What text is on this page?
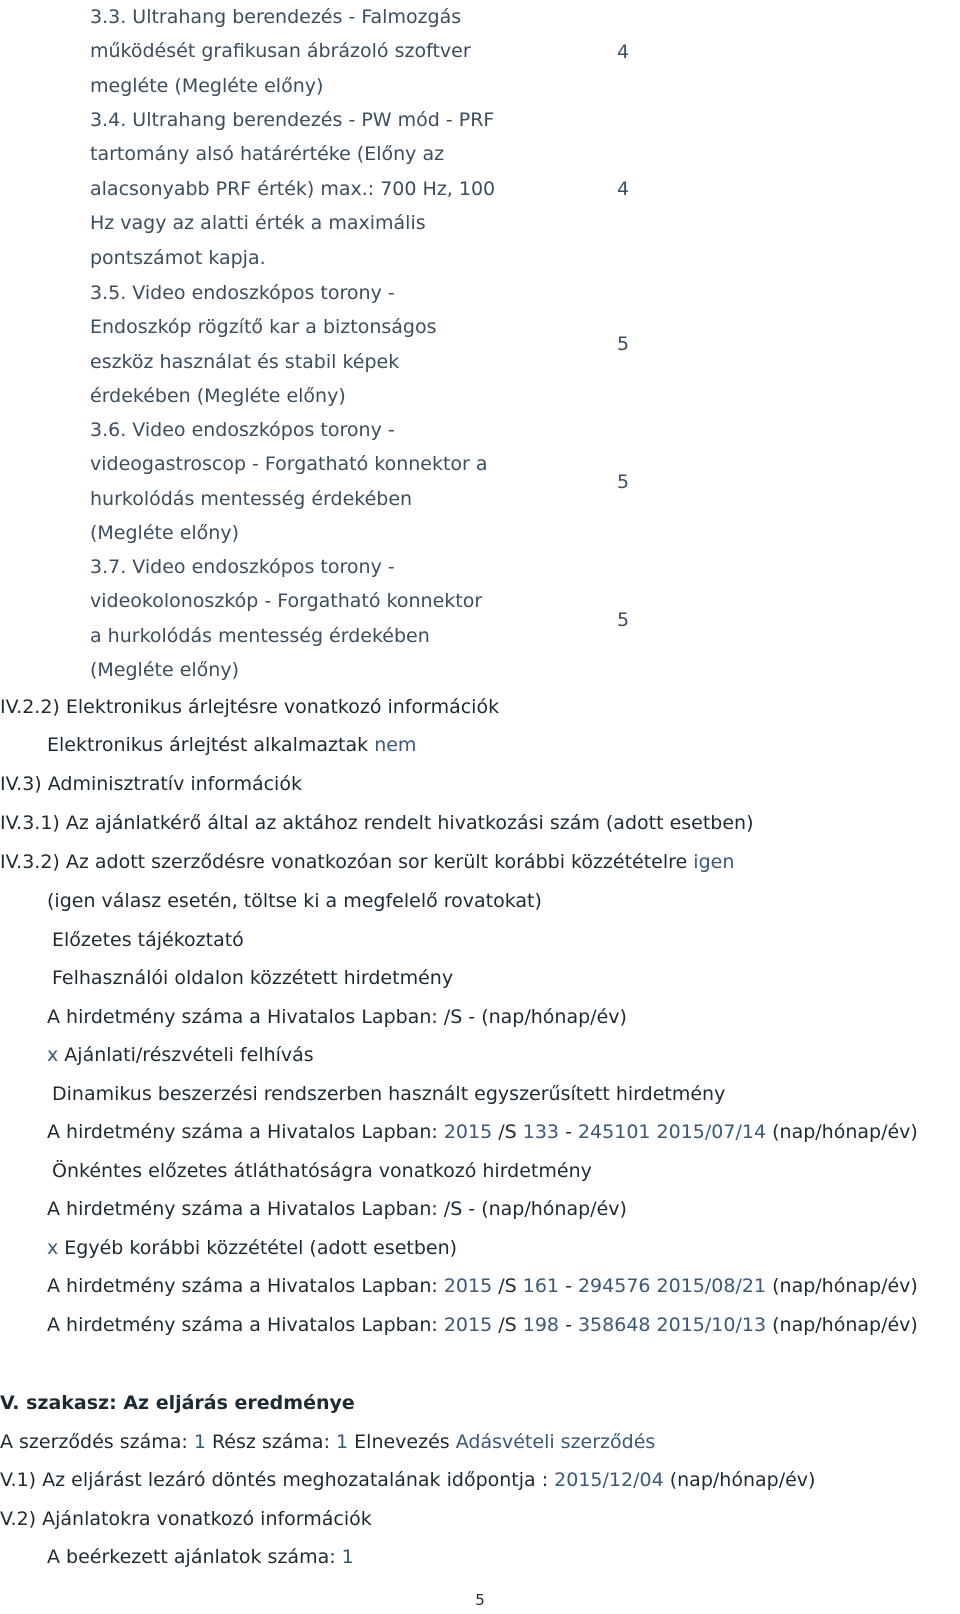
3.3. Ultrahang berendezés - Falmozgás
működését grafikusan ábrázoló szoftver
megléte (Megléte előny)
4
3.4. Ultrahang berendezés - PW mód - PRF
tartomány alsó határértéke (Előny az
alacsonyabb PRF érték) max.: 700 Hz, 100
Hz vagy az alatti érték a maximális
pontszámot kapja.
4
3.5. Video endoszkópos torony -
Endoszkóp rögzítő kar a biztonságos
eszköz használat és stabil képek
érdekében (Megléte előny)
5
3.6. Video endoszkópos torony -
videogastroscop - Forgatható konnektor a
hurkolódás mentesség érdekében
(Megléte előny)
5
3.7. Video endoszkópos torony -
videokolonoszkóp - Forgatható konnektor
a hurkolódás mentesség érdekében
(Megléte előny)
5
IV.2.2) Elektronikus árlejtésre vonatkozó információk
Elektronikus árlejtést alkalmaztak nem
IV.3) Adminisztratív információk
IV.3.1) Az ajánlatkérő által az aktához rendelt hivatkozási szám (adott esetben)
IV.3.2) Az adott szerződésre vonatkozóan sor került korábbi közzétételre igen
(igen válasz esetén, töltse ki a megfelelő rovatokat)
Előzetes tájékoztató
Felhasználói oldalon közzétett hirdetmény
A hirdetmény száma a Hivatalos Lapban: /S - (nap/hónap/év)
x Ajánlati/részvételi felhívás
Dinamikus beszerzési rendszerben használt egyszerűsített hirdetmény
A hirdetmény száma a Hivatalos Lapban: 2015 /S 133 - 245101 2015/07/14 (nap/hónap/év)
Önkéntes előzetes átláthatóságra vonatkozó hirdetmény
A hirdetmény száma a Hivatalos Lapban: /S - (nap/hónap/év)
x Egyéb korábbi közzététel (adott esetben)
A hirdetmény száma a Hivatalos Lapban: 2015 /S 161 - 294576 2015/08/21 (nap/hónap/év)
A hirdetmény száma a Hivatalos Lapban: 2015 /S 198 - 358648 2015/10/13 (nap/hónap/év)
V. szakasz: Az eljárás eredménye
A szerződés száma: 1 Rész száma: 1 Elnevezés Adásvételi szerződés
V.1) Az eljárást lezáró döntés meghozatalának időpontja : 2015/12/04 (nap/hónap/év)
V.2) Ajánlatokra vonatkozó információk
A beérkezett ajánlatok száma: 1
5
